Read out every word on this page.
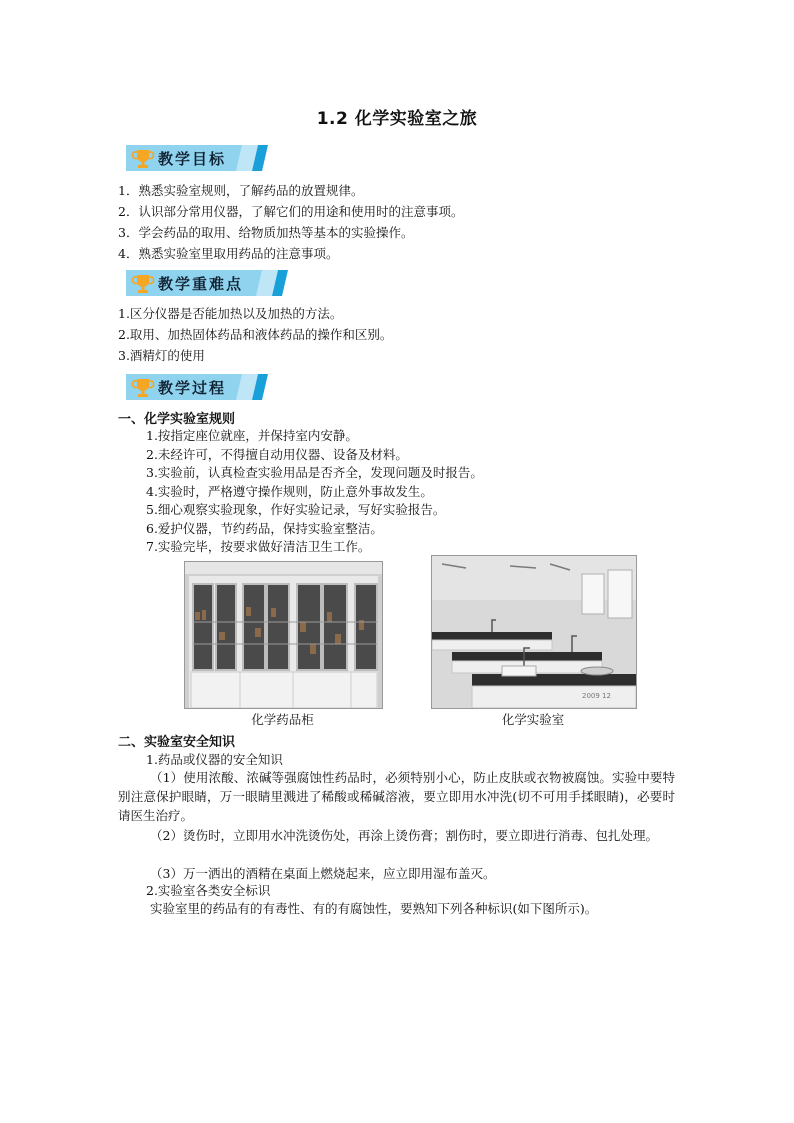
1.2 化学实验室之旅
教学目标
1．熟悉实验室规则，了解药品的放置规律。
2．认识部分常用仪器，了解它们的用途和使用时的注意事项。
3．学会药品的取用、给物质加热等基本的实验操作。
4．熟悉实验室里取用药品的注意事项。
教学重难点
1.区分仪器是否能加热以及加热的方法。
2.取用、加热固体药品和液体药品的操作和区别。
3.酒精灯的使用
教学过程
一、化学实验室规则
1.按指定座位就座，并保持室内安静。
2.未经许可，不得擅自动用仪器、设备及材料。
3.实验前，认真检查实验用品是否齐全，发现问题及时报告。
4.实验时，严格遵守操作规则，防止意外事故发生。
5.细心观察实验现象，作好实验记录，写好实验报告。
6.爱护仪器，节约药品，保持实验室整洁。
7.实验完毕，按要求做好清洁卫生工作。
化学药品柜
2009 12
化学实验室
二、实验室安全知识
1.药品或仪器的安全知识
（1）使用浓酸、浓碱等强腐蚀性药品时，必须特别小心，防止皮肤或衣物被腐蚀。实验中要特别注意保护眼睛，万一眼睛里溅进了稀酸或稀碱溶液，要立即用水冲洗(切不可用手揉眼睛)，必要时请医生治疗。
（2）烫伤时，立即用水冲洗烫伤处，再涂上烫伤膏；割伤时，要立即进行消毒、包扎处理。
（3）万一洒出的酒精在桌面上燃烧起来，应立即用湿布盖灭。
2.实验室各类安全标识
实验室里的药品有的有毒性、有的有腐蚀性，要熟知下列各种标识(如下图所示)。
